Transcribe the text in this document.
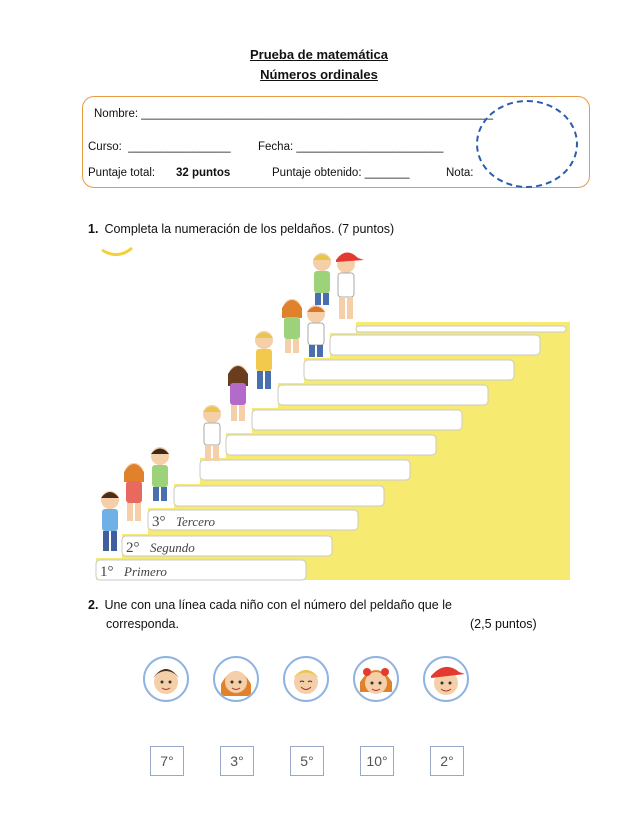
Prueba de matemática
Números ordinales
Nombre: _______________________________________________________
Curso:  ________________ Fecha: _______________________
Puntaje total: 32 puntos	Puntaje obtenido: _______	Nota:
1. Completa la numeración de los peldaños. (7 puntos)
1° Primero
2° Segundo
3° Tercero
2. Une con una línea cada niño con el número del peldaño que le
corresponda.	(2,5 puntos)
7°	3°	5°	10°	2°
